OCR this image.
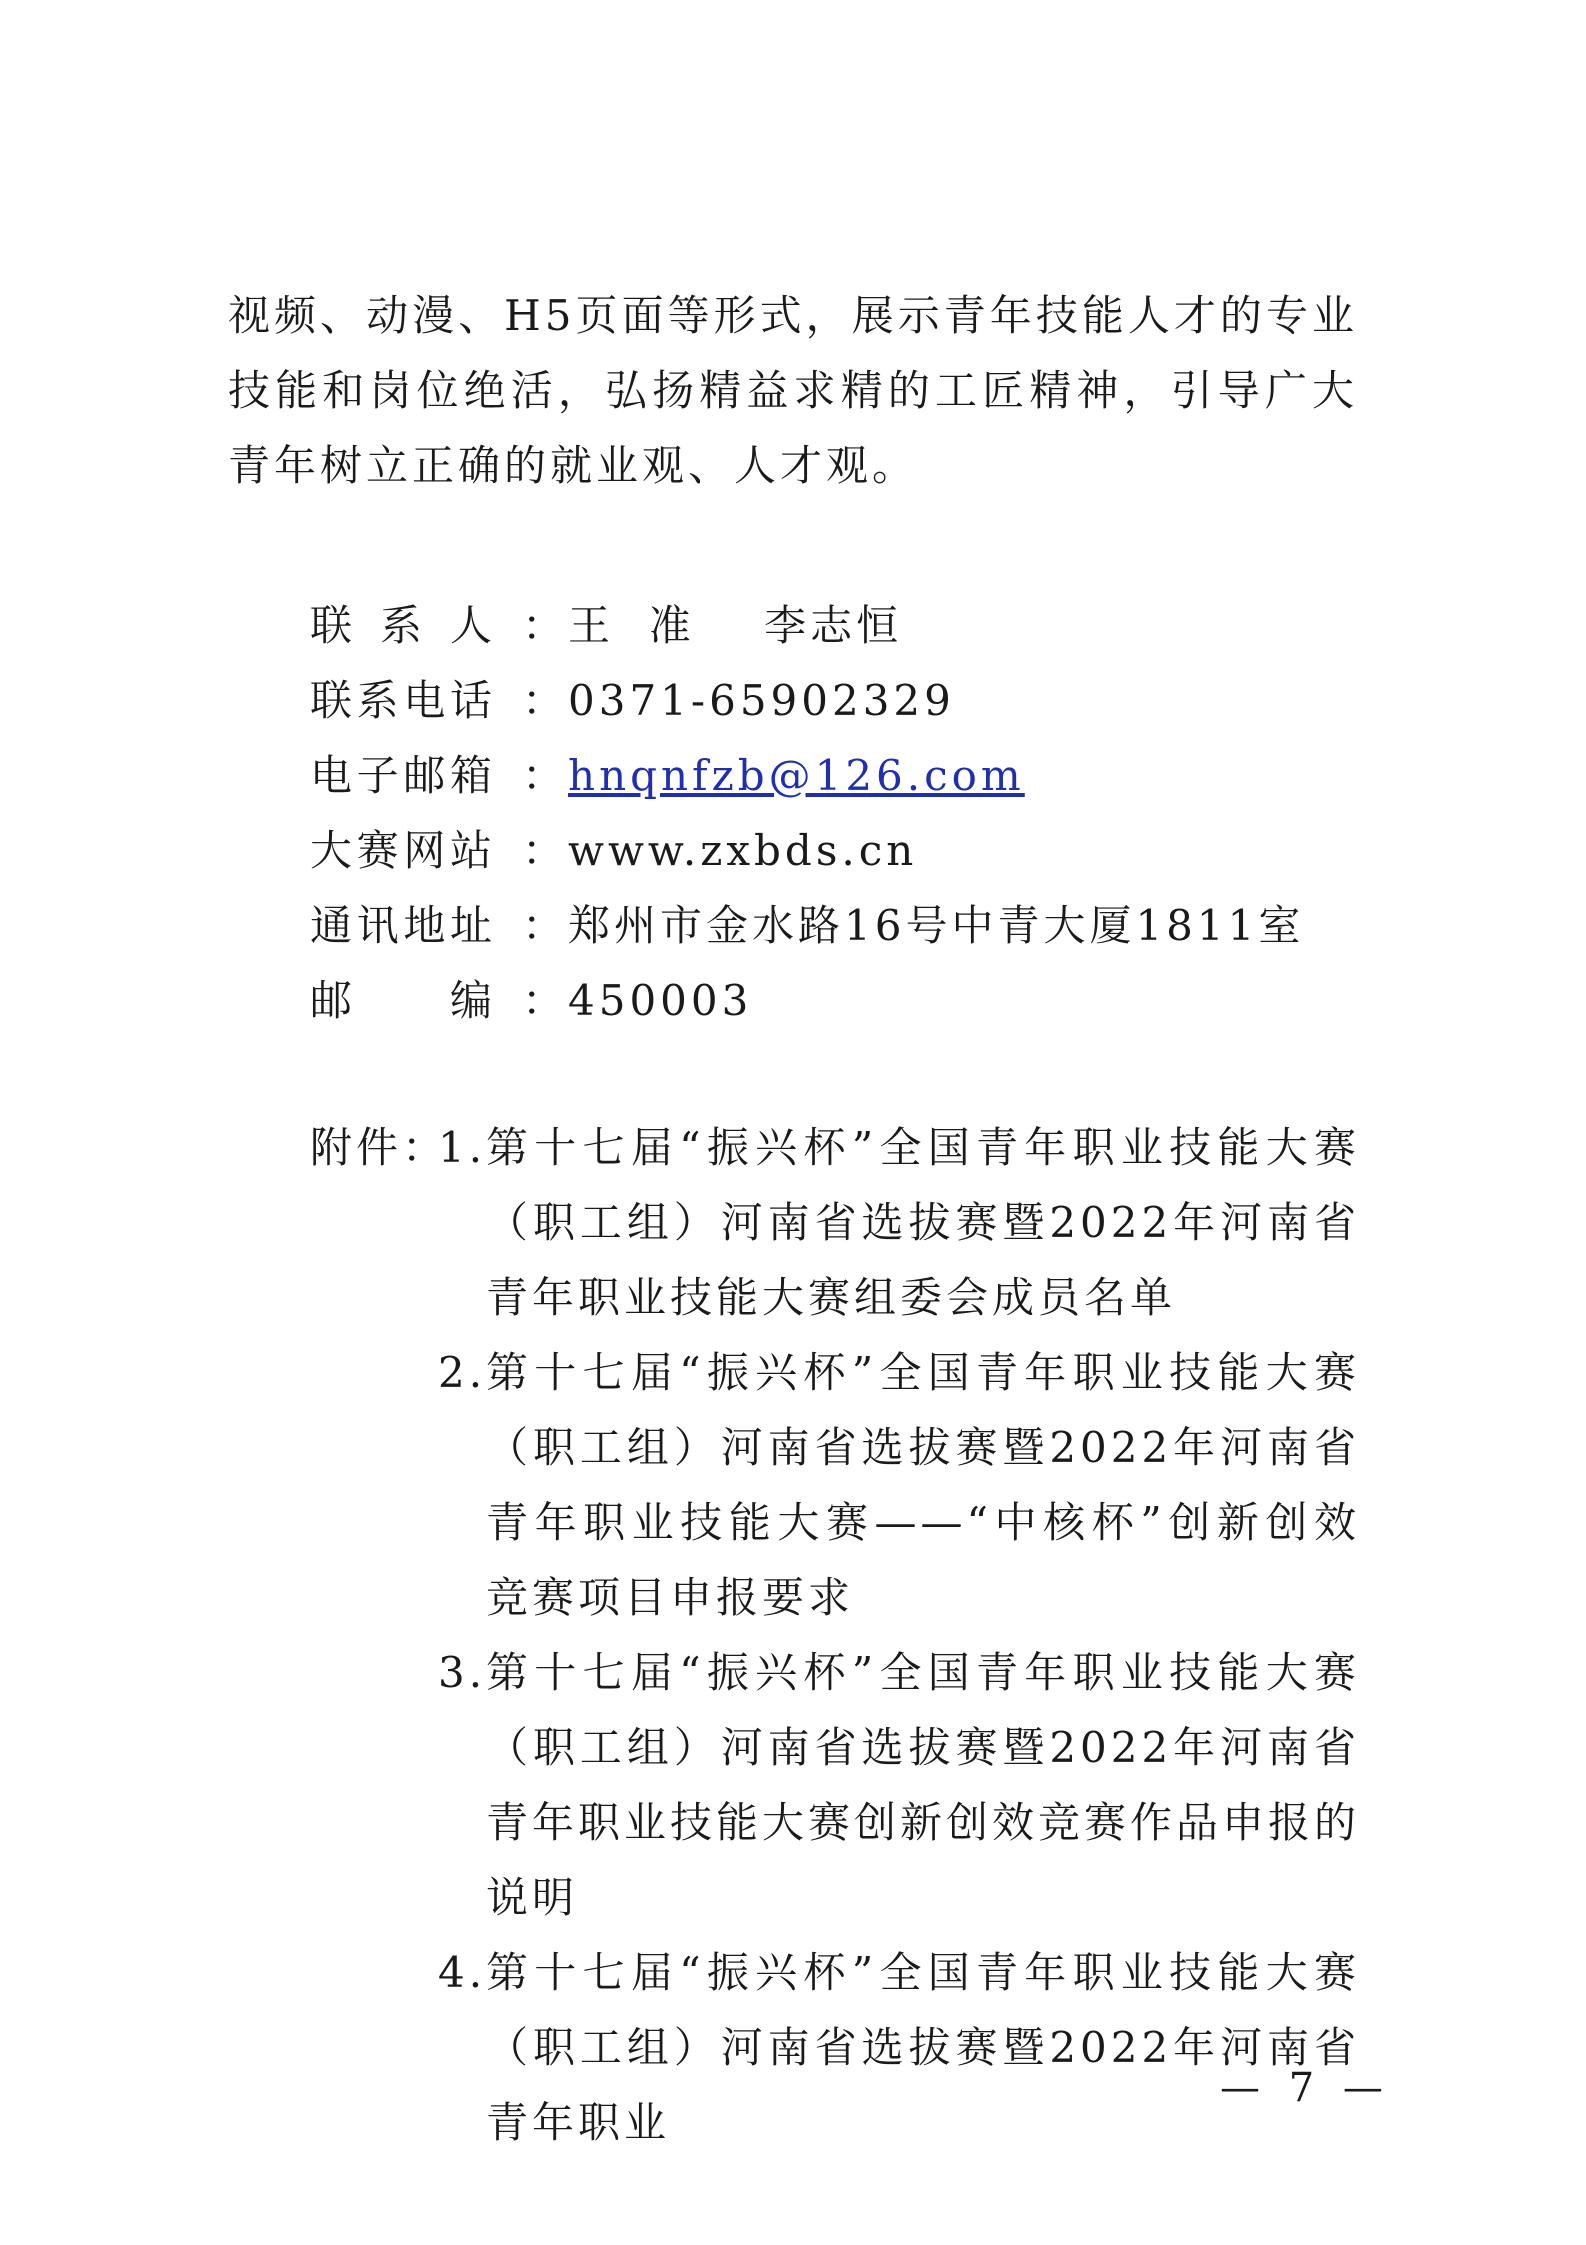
视频、动漫、H5页面等形式，展示青年技能人才的专业技能和岗位绝活，弘扬精益求精的工匠精神，引导广大青年树立正确的就业观、人才观。

联系人 ：王  准    李志恒
联系电话 ：0371-65902329
电子邮箱 ：hnqnfzb@126.com
大赛网站 ：www.zxbds.cn
通讯地址 ：郑州市金水路16号中青大厦1811室
邮编 ：450003
附件：
1. 第十七届“振兴杯”全国青年职业技能大赛（职工组）河南省选拔赛暨2022年河南省青年职业技能大赛组委会成员名单
2. 第十七届“振兴杯”全国青年职业技能大赛（职工组）河南省选拔赛暨2022年河南省青年职业技能大赛——“中核杯”创新创效竞赛项目申报要求
3. 第十七届“振兴杯”全国青年职业技能大赛（职工组）河南省选拔赛暨2022年河南省青年职业技能大赛创新创效竞赛作品申报的说明
4. 第十七届“振兴杯”全国青年职业技能大赛（职工组）河南省选拔赛暨2022年河南省青年职业
— 7 —
